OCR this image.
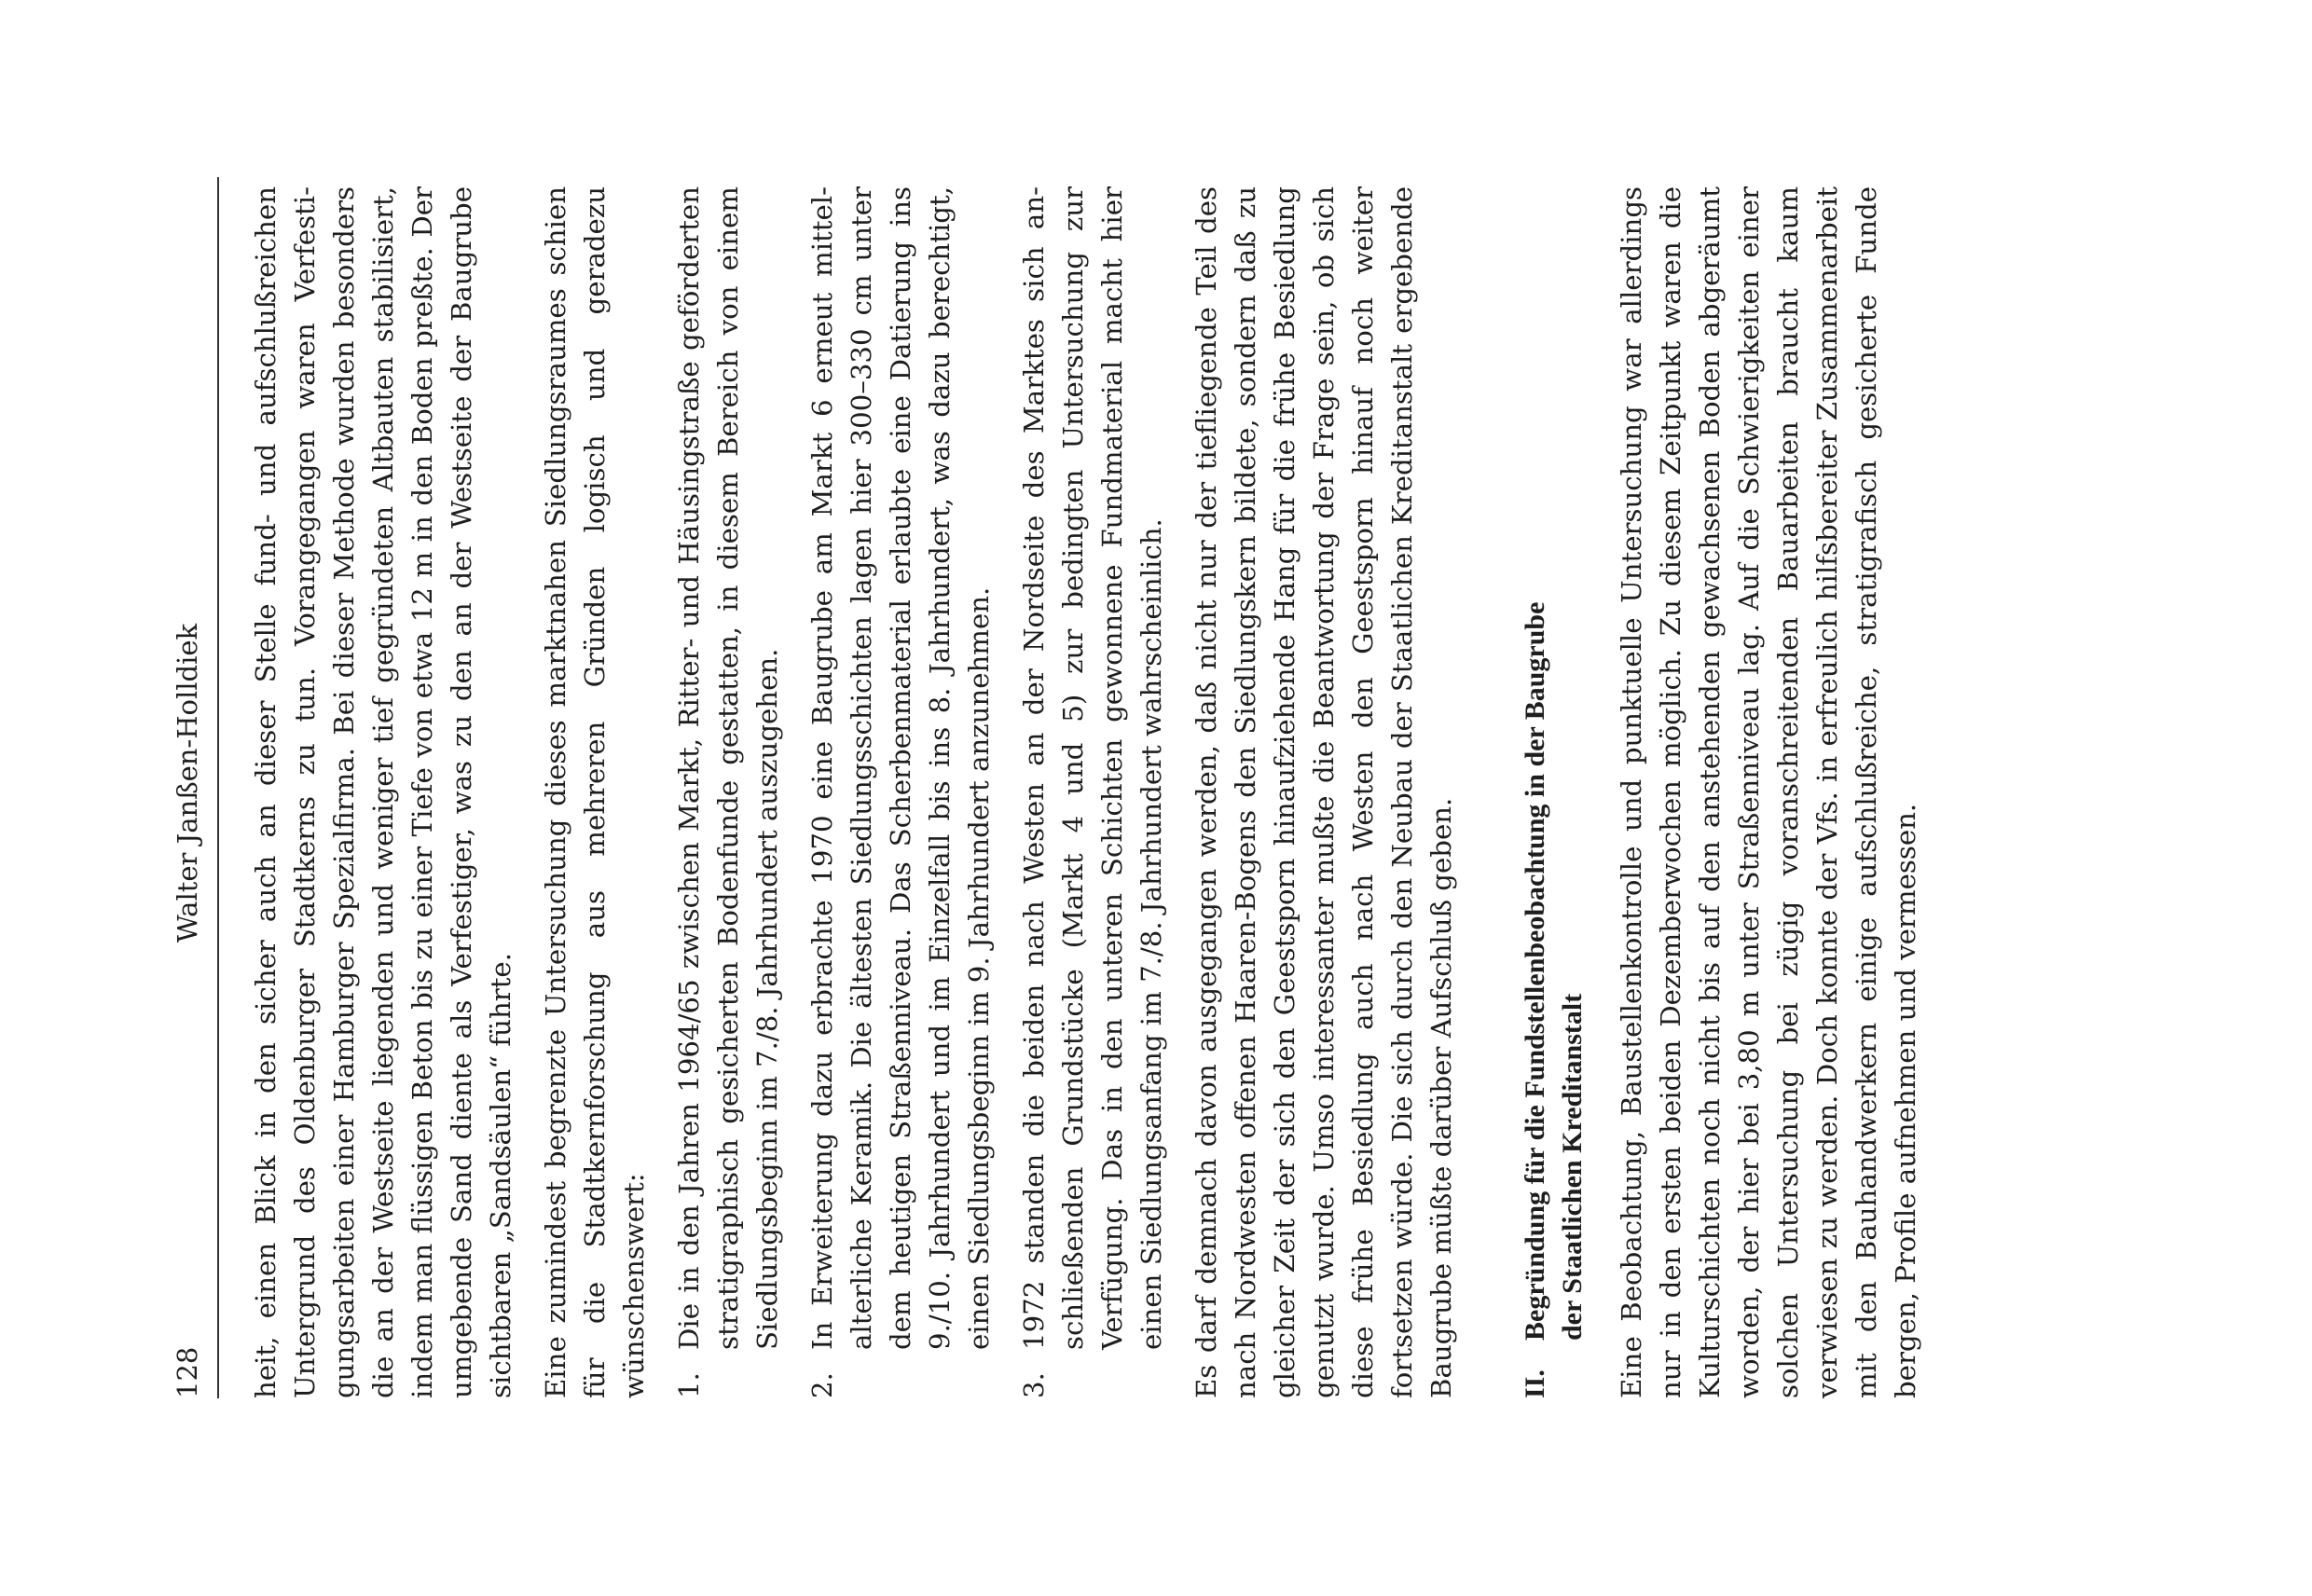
128
Walter Janßen-Holldiek heit, einen Blick in den sicher auch an dieser Stelle fund- und aufschlußreichen Untergrund des Oldenburger Stadtkerns zu tun. Vorangegangen waren Verfestigungsarbeiten einer Hamburger Spezialfirma. Bei dieser Methode wurden besonders die an der Westseite liegenden und weniger tief gegründeten Altbauten stabilisiert, indem man flüssigen Beton bis zu einer Tiefe von etwa 12 m in den Boden preßte. Der umgebende Sand diente als Verfestiger, was zu den an der Westseite der Baugrube sichtbaren „Sandsäulen“ führte. Eine zumindest begrenzte Untersuchung dieses marktnahen Siedlungsraumes schien für die Stadtkernforschung aus mehreren Gründen logisch und geradezu wünschenswert: 1.
Die in den Jahren 1964/65 zwischen Markt, Ritter- und Häusingstraße geförderten stratigraphisch gesicherten Bodenfunde gestatten, in diesem Bereich von einem Siedlungsbeginn im 7./8. Jahrhundert auszugehen.
2.
In Erweiterung dazu erbrachte 1970 eine Baugrube am Markt 6 erneut mittelalterliche Keramik. Die ältesten Siedlungsschichten lagen hier 300–330 cm unter dem heutigen Straßenniveau. Das Scherbenmaterial erlaubte eine Datierung ins 9./10. Jahrhundert und im Einzelfall bis ins 8. Jahrhundert, was dazu berechtigt, einen Siedlungsbeginn im 9. Jahrhundert anzunehmen.
3.
1972 standen die beiden nach Westen an der Nordseite des Marktes sich anschließenden Grundstücke (Markt 4 und 5) zur bedingten Untersuchung zur Verfügung. Das in den unteren Schichten gewonnene Fundmaterial macht hier einen Siedlungsanfang im 7./8. Jahrhundert wahrscheinlich. Es darf demnach davon ausgegangen werden, daß nicht nur der tiefliegende Teil des nach Nordwesten offenen Haaren-Bogens den Siedlungskern bildete, sondern daß zu gleicher Zeit der sich den Geestsporn hinaufziehende Hang für die frühe Besiedlung genutzt wurde. Umso interessanter mußte die Beantwortung der Frage sein, ob sich diese frühe Besiedlung auch nach Westen den Geestsporn hinauf noch weiter fortsetzen würde. Die sich durch den Neubau der Staatlichen Kreditanstalt ergebende Baugrube müßte darüber Aufschluß geben. II.
Begründung für die Fundstellenbeobachtung in der Baugrube der Staatlichen Kreditanstalt Eine Beobachtung, Baustellenkontrolle und punktuelle Untersuchung war allerdings nur in den ersten beiden Dezemberwochen möglich. Zu diesem Zeitpunkt waren die Kulturschichten noch nicht bis auf den anstehenden gewachsenen Boden abgeräumt worden, der hier bei 3,80 m unter Straßenniveau lag. Auf die Schwierigkeiten einer solchen Untersuchung bei zügig voranschreitenden Bauarbeiten braucht kaum verwiesen zu werden. Doch konnte der Vfs. in erfreulich hilfsbereiter Zusammenarbeit mit den Bauhandwerkern einige aufschlußreiche, stratigrafisch gesicherte Funde bergen, Profile aufnehmen und vermessen.
